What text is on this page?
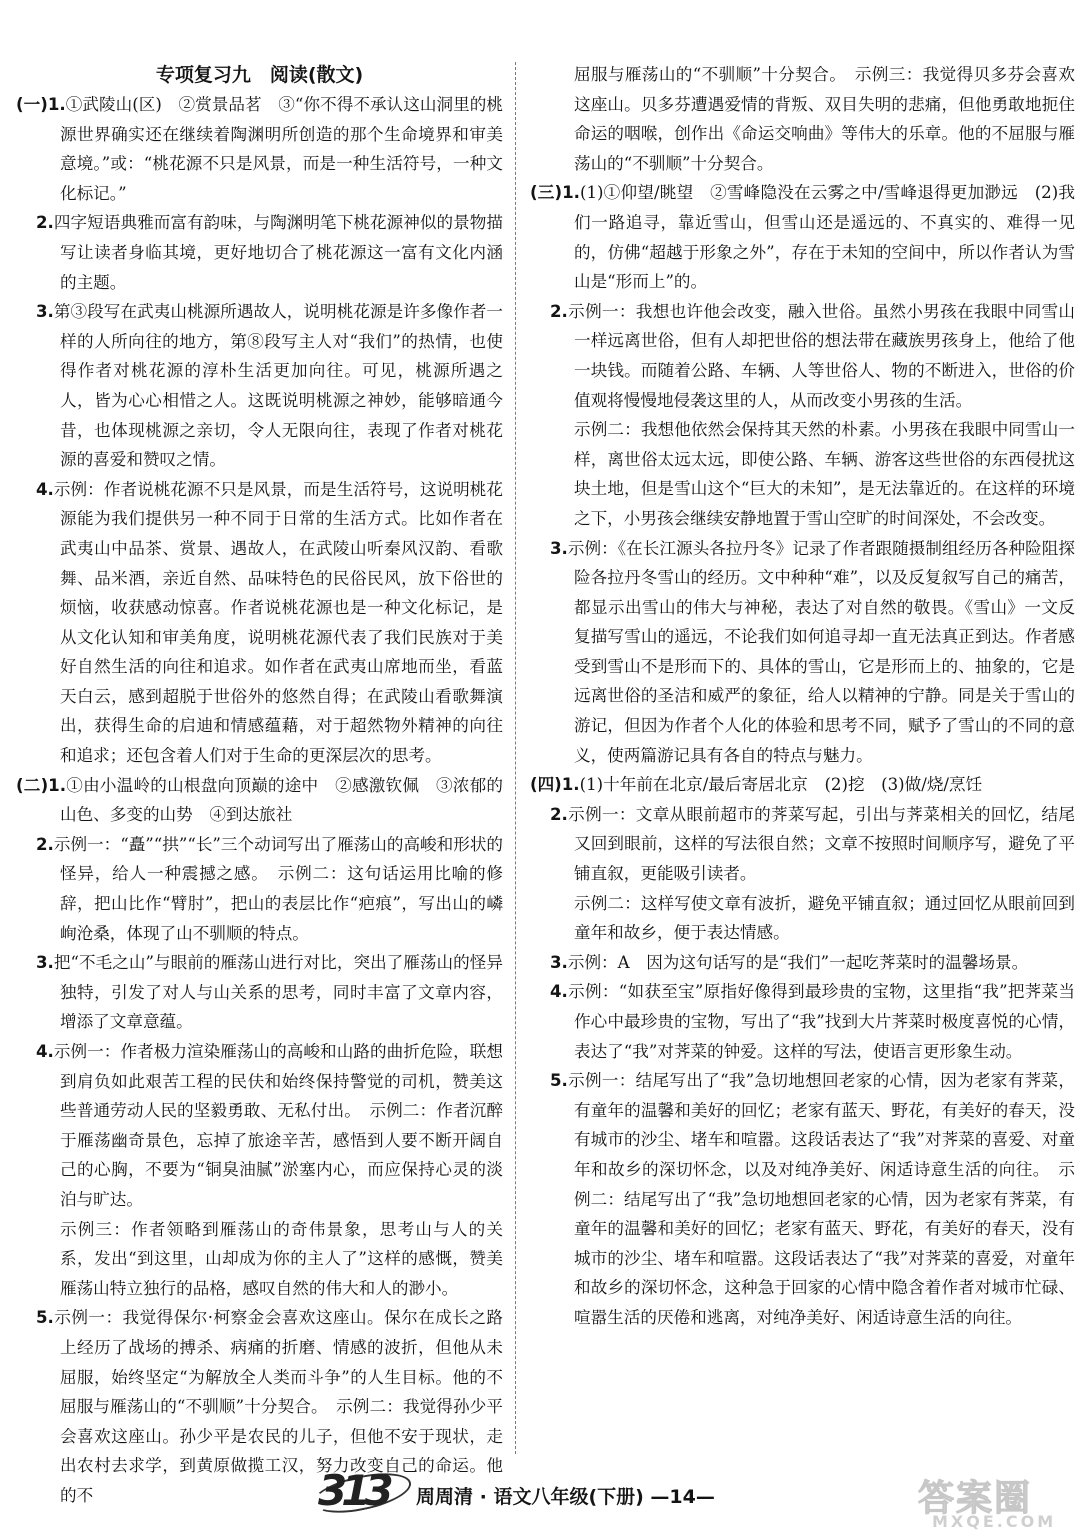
专项复习九　阅读(散文)
(一)1.①武陵山(区)　②赏景品茗　③“你不得不承认这山洞里的桃源世界确实还在继续着陶渊明所创造的那个生命境界和审美意境。”或：“桃花源不只是风景，而是一种生活符号，一种文化标记。”
2.四字短语典雅而富有韵味，与陶渊明笔下桃花源神似的景物描写让读者身临其境，更好地切合了桃花源这一富有文化内涵的主题。
3.第③段写在武夷山桃源所遇故人，说明桃花源是许多像作者一样的人所向往的地方，第⑧段写主人对“我们”的热情，也使得作者对桃花源的淳朴生活更加向往。可见，桃源所遇之人，皆为心心相惜之人。这既说明桃源之神妙，能够暗通今昔，也体现桃源之亲切，令人无限向往，表现了作者对桃花源的喜爱和赞叹之情。
4.示例：作者说桃花源不只是风景，而是生活符号，这说明桃花源能为我们提供另一种不同于日常的生活方式。比如作者在武夷山中品茶、赏景、遇故人，在武陵山听秦风汉韵、看歌舞、品米酒，亲近自然、品味特色的民俗民风，放下俗世的烦恼，收获感动惊喜。作者说桃花源也是一种文化标记，是从文化认知和审美角度，说明桃花源代表了我们民族对于美好自然生活的向往和追求。如作者在武夷山席地而坐，看蓝天白云，感到超脱于世俗外的悠然自得；在武陵山看歌舞演出，获得生命的启迪和情感蕴藉，对于超然物外精神的向往和追求；还包含着人们对于生命的更深层次的思考。
(二)1.①由小温岭的山根盘向顶巅的途中　②感激钦佩　③浓郁的山色、多变的山势　④到达旅社
2.示例一：“矗”“拱”“长”三个动词写出了雁荡山的高峻和形状的怪异，给人一种震撼之感。　示例二：这句话运用比喻的修辞，把山比作“臂肘”，把山的表层比作“疤痕”，写出山的嶙峋沧桑，体现了山不驯顺的特点。
3.把“不毛之山”与眼前的雁荡山进行对比，突出了雁荡山的怪异独特，引发了对人与山关系的思考，同时丰富了文章内容，增添了文章意蕴。
4.示例一：作者极力渲染雁荡山的高峻和山路的曲折危险，联想到肩负如此艰苦工程的民伕和始终保持警觉的司机，赞美这些普通劳动人民的坚毅勇敢、无私付出。　示例二：作者沉醉于雁荡幽奇景色，忘掉了旅途辛苦，感悟到人要不断开阔自己的心胸，不要为“铜臭油腻”淤塞内心，而应保持心灵的淡泊与旷达。
示例三：作者领略到雁荡山的奇伟景象，思考山与人的关系，发出“到这里，山却成为你的主人了”这样的感慨，赞美雁荡山特立独行的品格，感叹自然的伟大和人的渺小。
5.示例一：我觉得保尔·柯察金会喜欢这座山。保尔在成长之路上经历了战场的搏杀、病痛的折磨、情感的波折，但他从未屈服，始终坚定“为解放全人类而斗争”的人生目标。他的不屈服与雁荡山的“不驯顺”十分契合。　示例二：我觉得孙少平会喜欢这座山。孙少平是农民的儿子，但他不安于现状，走出农村去求学，到黄原做揽工汉，努力改变自己的命运。他的不
屈服与雁荡山的“不驯顺”十分契合。　示例三：我觉得贝多芬会喜欢这座山。贝多芬遭遇爱情的背叛、双目失明的悲痛，但他勇敢地扼住命运的咽喉，创作出《命运交响曲》等伟大的乐章。他的不屈服与雁荡山的“不驯顺”十分契合。
(三)1.(1)①仰望/眺望　②雪峰隐没在云雾之中/雪峰退得更加渺远　(2)我们一路追寻，靠近雪山，但雪山还是遥远的、不真实的、难得一见的，仿佛“超越于形象之外”，存在于未知的空间中，所以作者认为雪山是“形而上”的。
2.示例一：我想也许他会改变，融入世俗。虽然小男孩在我眼中同雪山一样远离世俗，但有人却把世俗的想法带在藏族男孩身上，他给了他一块钱。而随着公路、车辆、人等世俗人、物的不断进入，世俗的价值观将慢慢地侵袭这里的人，从而改变小男孩的生活。
示例二：我想他依然会保持其天然的朴素。小男孩在我眼中同雪山一样，离世俗太远太远，即使公路、车辆、游客这些世俗的东西侵扰这块土地，但是雪山这个“巨大的未知”，是无法靠近的。在这样的环境之下，小男孩会继续安静地置于雪山空旷的时间深处，不会改变。
3.示例：《在长江源头各拉丹冬》记录了作者跟随摄制组经历各种险阻探险各拉丹冬雪山的经历。文中种种“难”，以及反复叙写自己的痛苦，都显示出雪山的伟大与神秘，表达了对自然的敬畏。《雪山》一文反复描写雪山的遥远，不论我们如何追寻却一直无法真正到达。作者感受到雪山不是形而下的、具体的雪山，它是形而上的、抽象的，它是远离世俗的圣洁和威严的象征，给人以精神的宁静。同是关于雪山的游记，但因为作者个人化的体验和思考不同，赋予了雪山的不同的意义，使两篇游记具有各自的特点与魅力。
(四)1.(1)十年前在北京/最后寄居北京　(2)挖　(3)做/烧/烹饪
2.示例一：文章从眼前超市的荠菜写起，引出与荠菜相关的回忆，结尾又回到眼前，这样的写法很自然；文章不按照时间顺序写，避免了平铺直叙，更能吸引读者。
示例二：这样写使文章有波折，避免平铺直叙；通过回忆从眼前回到童年和故乡，便于表达情感。
3.示例：A　因为这句话写的是“我们”一起吃荠菜时的温馨场景。
4.示例：“如获至宝”原指好像得到最珍贵的宝物，这里指“我”把荠菜当作心中最珍贵的宝物，写出了“我”找到大片荠菜时极度喜悦的心情，表达了“我”对荠菜的钟爱。这样的写法，使语言更形象生动。
5.示例一：结尾写出了“我”急切地想回老家的心情，因为老家有荠菜，有童年的温馨和美好的回忆；老家有蓝天、野花，有美好的春天，没有城市的沙尘、堵车和喧嚣。这段话表达了“我”对荠菜的喜爱、对童年和故乡的深切怀念，以及对纯净美好、闲适诗意生活的向往。　示例二：结尾写出了“我”急切地想回老家的心情，因为老家有荠菜，有童年的温馨和美好的回忆；老家有蓝天、野花，有美好的春天，没有城市的沙尘、堵车和喧嚣。这段话表达了“我”对荠菜的喜爱，对童年和故乡的深切怀念，这种急于回家的心情中隐含着作者对城市忙碌、喧嚣生活的厌倦和逃离，对纯净美好、闲适诗意生活的向往。
313 周周清 · 语文八年级(下册) —14—	答案圈
MXQE.COM
